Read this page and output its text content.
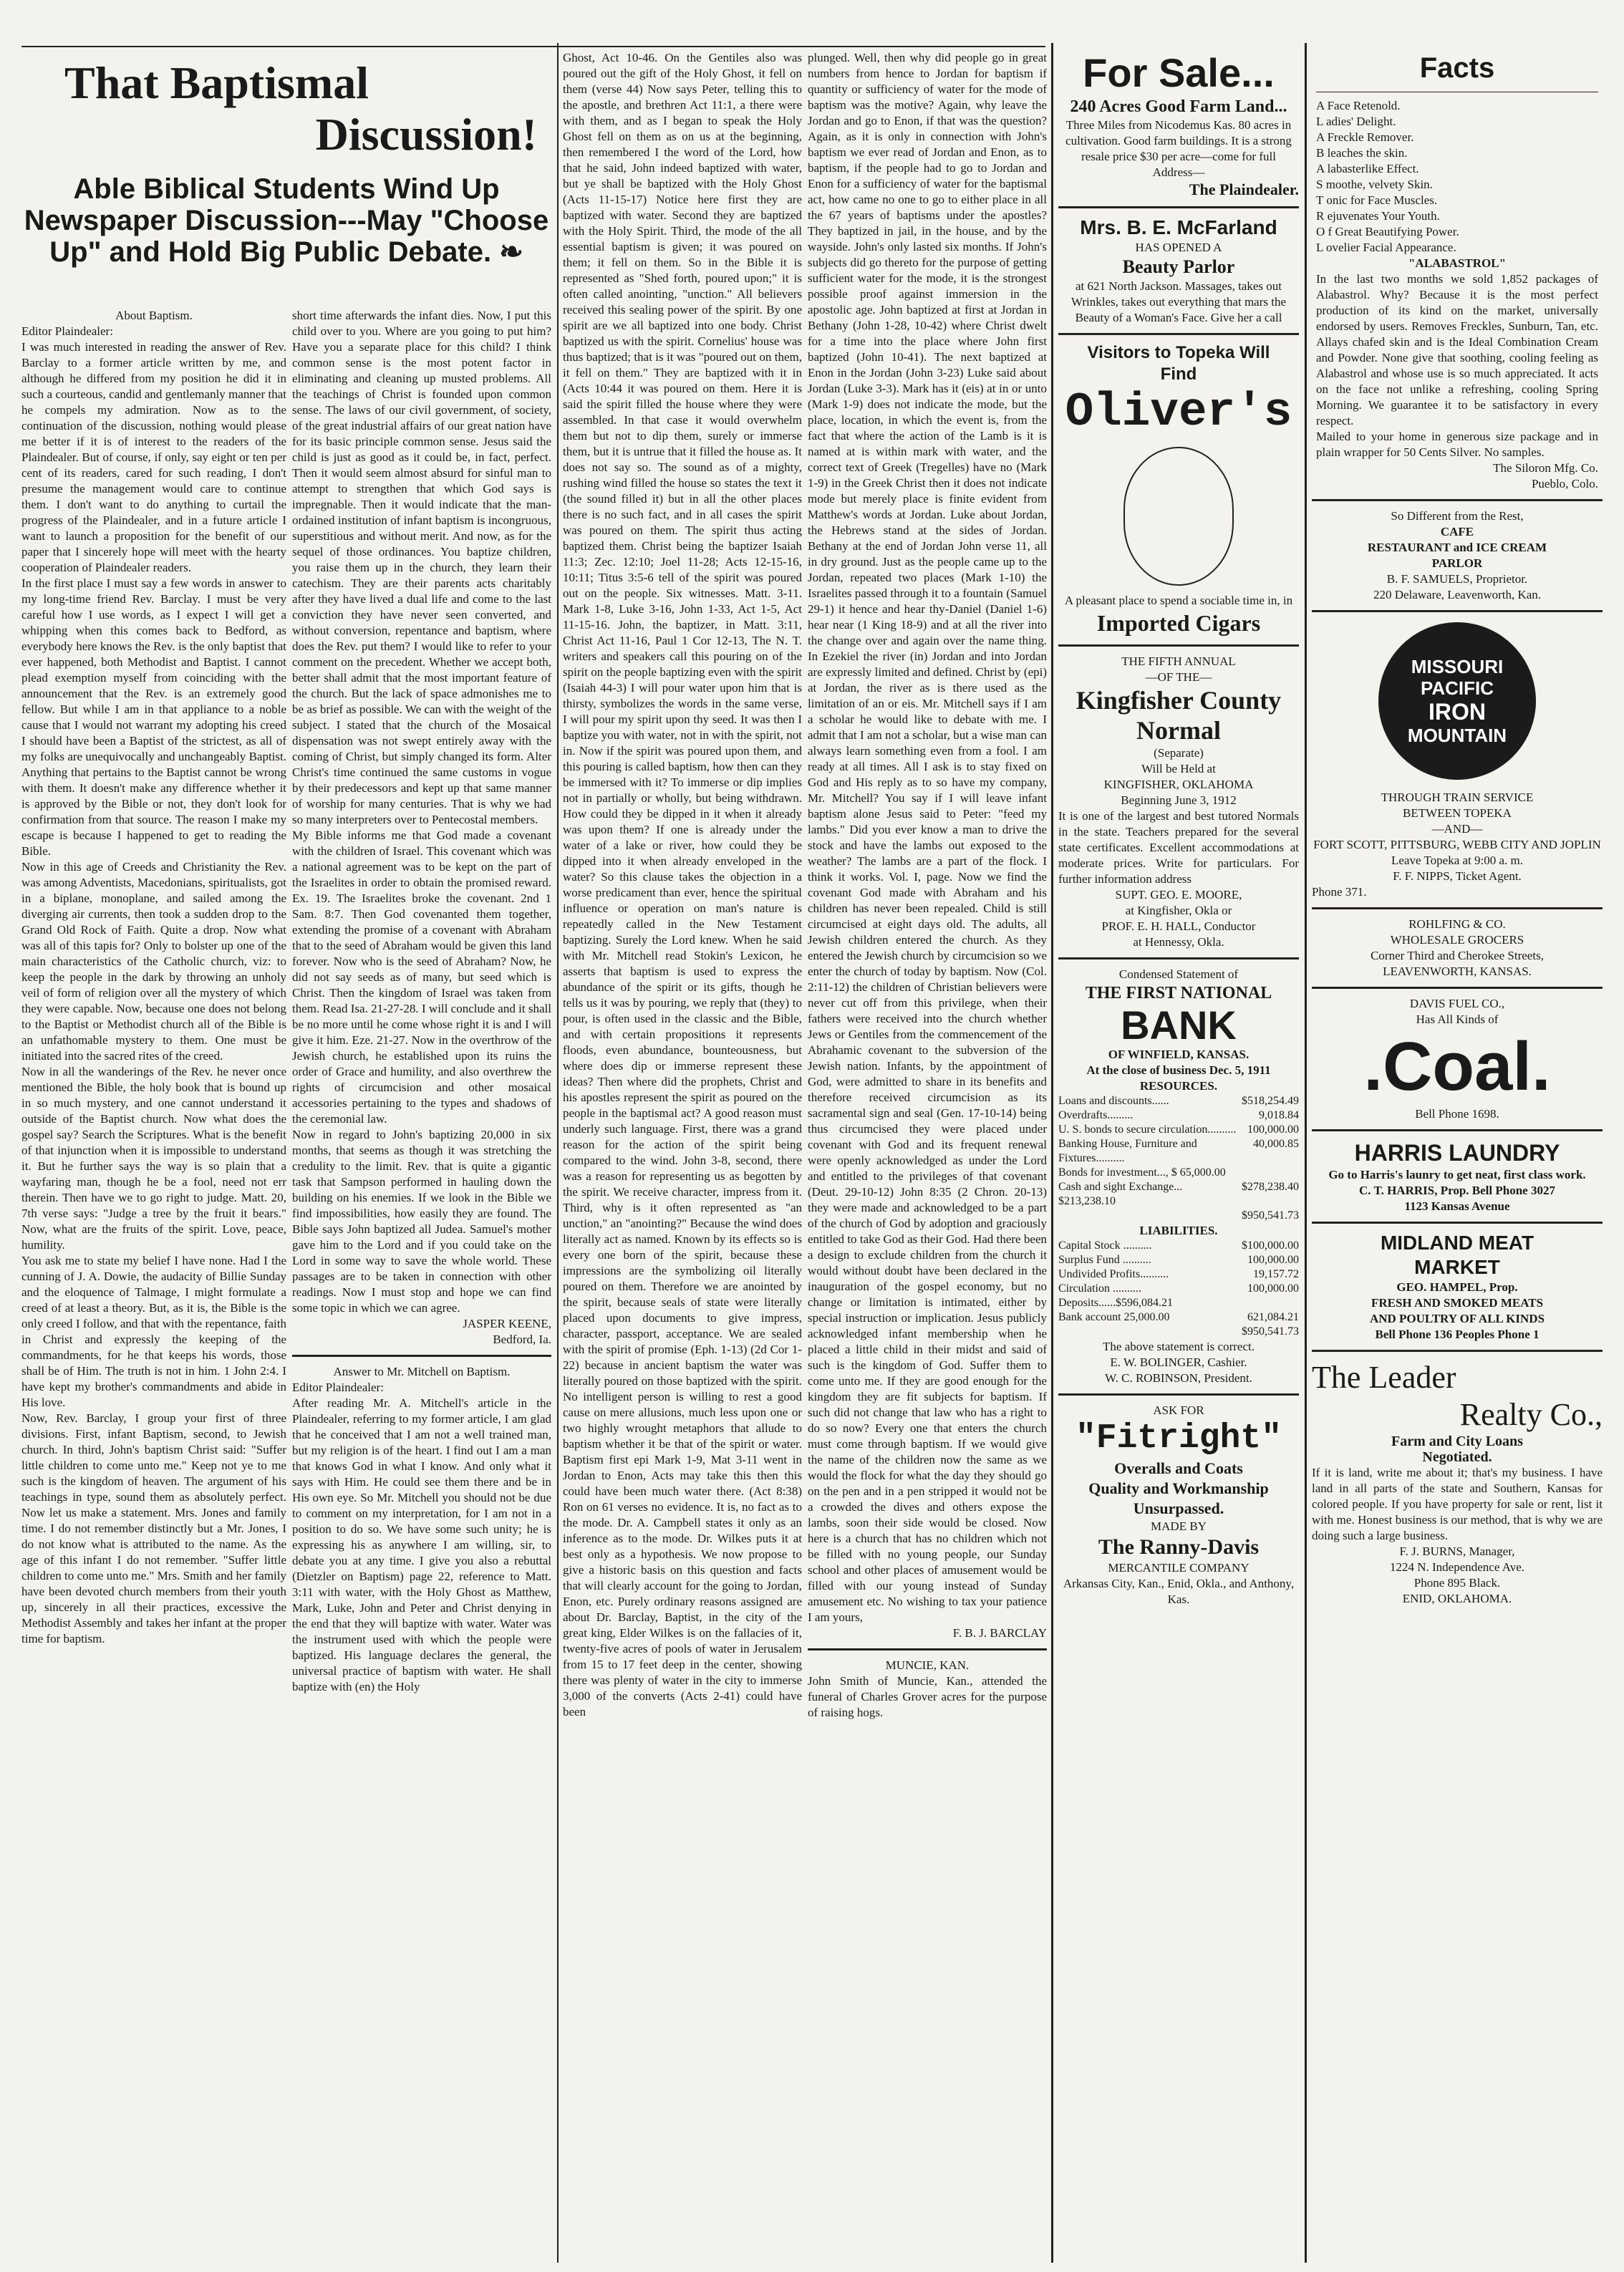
That Baptismal
Discussion!
Able Biblical Students Wind Up Newspaper Discussion---May "Choose Up" and Hold Big Public Debate. ❧

About Baptism.

Editor Plaindealer:

I was much interested in reading the answer of Rev. Barclay to a former article written by me, and although he differed from my position he did it in such a courteous, candid and gentlemanly manner that he compels my admiration. Now as to the continuation of the discussion, nothing would please me better if it is of interest to the readers of the Plaindealer. But of course, if only, say eight or ten per cent of its readers, cared for such reading, I don't presume the management would care to continue them. I don't want to do anything to curtail the progress of the Plaindealer, and in a future article I want to launch a proposition for the benefit of our paper that I sincerely hope will meet with the hearty cooperation of Plaindealer readers.
In the first place I must say a few words in answer to my long-time friend Rev. Barclay. I must be very careful how I use words, as I expect I will get a whipping when this comes back to Bedford, as everybody here knows the Rev. is the only baptist that ever happened, both Methodist and Baptist. I cannot plead exemption myself from coinciding with the announcement that the Rev. is an extremely good fellow. But while I am in that appliance to a noble cause that I would not warrant my adopting his creed I should have been a Baptist of the strictest, as all of my folks are unequivocally and unchangeably Baptist. Anything that pertains to the Baptist cannot be wrong with them. It doesn't make any difference whether it is approved by the Bible or not, they don't look for confirmation from that source. The reason I make my escape is because I happened to get to reading the Bible.

Now in this age of Creeds and Christianity the Rev. was among Adventists, Macedonians, spiritualists, got in a biplane, monoplane, and sailed among the diverging air currents, then took a sudden drop to the Grand Old Rock of Faith. Quite a drop. Now what was all of this tapis for? Only to bolster up one of the main characteristics of the Catholic church, viz: to keep the people in the dark by throwing an unholy veil of form of religion over all the mystery of which they were capable. Now, because one does not belong to the Baptist or Methodist church all of the Bible is an unfathomable mystery to them. One must be initiated into the sacred rites of the creed.
Now in all the wanderings of the Rev. he never once mentioned the Bible, the holy book that is bound up in so much mystery, and one cannot understand it outside of the Baptist church. Now what does the gospel say? Search the Scriptures. What is the benefit of that injunction when it is impossible to understand it. But he further says the way is so plain that a wayfaring man, though he be a fool, need not err therein. Then have we to go right to judge. Matt. 20, 7th verse says: "Judge a tree by the fruit it bears." Now, what are the fruits of the spirit. Love, peace, humility.

You ask me to state my belief I have none. Had I the cunning of J. A. Dowie, the audacity of Billie Sunday and the eloquence of Talmage, I might formulate a creed of at least a theory. But, as it is, the Bible is the only creed I follow, and that with the repentance, faith in Christ and expressly the keeping of the commandments, for he that keeps his words, those shall be of Him. The truth is not in him. 1 John 2:4. I have kept my brother's commandments and abide in His love.
Now, Rev. Barclay, I group your first of three divisions. First, infant Baptism, second, to Jewish church. In third, John's baptism Christ said: "Suffer little children to come unto me." Keep not ye to me such is the kingdom of heaven. The argument of his teachings in type, sound them as absolutely perfect. Now let us make a statement. Mrs. Jones and family time. I do not remember distinctly but a Mr. Jones, I do not know what is attributed to the name. As the age of this infant I do not remember. "Suffer little children to come unto me." Mrs. Smith and her family have been devoted church members from their youth up, sincerely in all their practices, excessive the Methodist Assembly and takes her infant at the proper time for baptism.

short time afterwards the infant dies. Now, I put this child over to you. Where are you going to put him? Have you a separate place for this child? I think common sense is the most potent factor in eliminating and cleaning up musted problems. All the teachings of Christ is founded upon common sense. The laws of our civil government, of society, of the great industrial affairs of our great nation have for its basic principle common sense. Jesus said the child is just as good as it could be, in fact, perfect. Then it would seem almost absurd for sinful man to attempt to strengthen that which God says is impregnable. Then it would indicate that the man-ordained institution of infant baptism is incongruous, superstitious and without merit. And now, as for the sequel of those ordinances. You baptize children, you raise them up in the church, they learn their catechism. They are their parents acts charitably after they have lived a dual life and come to the last conviction they have never seen converted, and without conversion, repentance and baptism, where does the Rev. put them? I would like to refer to your comment on the precedent. Whether we accept both, better shall admit that the most important feature of the church. But the lack of space admonishes me to be as brief as possible. We can with the weight of the subject. I stated that the church of the Mosaical dispensation was not swept entirely away with the coming of Christ, but simply changed its form. Alter Christ's time continued the same customs in vogue by their predecessors and kept up that same manner of worship for many centuries. That is why we had so many interpreters over to Pentecostal members.

My Bible informs me that God made a covenant with the children of Israel. This covenant which was a national agreement was to be kept on the part of the Israelites in order to obtain the promised reward. Ex. 19. The Israelites broke the covenant. 2nd 1 Sam. 8:7. Then God covenanted them together, extending the promise of a covenant with Abraham that to the seed of Abraham would be given this land forever. Now who is the seed of Abraham? Now, he did not say seeds as of many, but seed which is Christ. Then the kingdom of Israel was taken from them. Read Isa. 21-27-28. I will conclude and it shall be no more until he come whose right it is and I will give it him. Eze. 21-27. Now in the overthrow of the Jewish church, he established upon its ruins the order of Grace and humility, and also overthrew the rights of circumcision and other mosaical accessories pertaining to the types and shadows of the ceremonial law.
Now in regard to John's baptizing 20,000 in six months, that seems as though it was stretching the credulity to the limit. Rev. that is quite a gigantic task that Sampson performed in hauling down the building on his enemies. If we look in the Bible we find impossibilities, how easily they are found. The Bible says John baptized all Judea. Samuel's mother gave him to the Lord and if you could take on the Lord in some way to save the whole world. These passages are to be taken in connection with other readings. Now I must stop and hope we can find some topic in which we can agree.

JASPER KEENE,

Bedford, Ia.

Answer to Mr. Mitchell on Baptism.

Editor Plaindealer:

After reading Mr. A. Mitchell's article in the Plaindealer, referring to my former article, I am glad that he conceived that I am not a well trained man, but my religion is of the heart. I find out I am a man that knows God in what I know. And only what it says with Him. He could see them there and be in His own eye. So Mr. Mitchell you should not be due to comment on my interpretation, for I am not in a position to do so. We have some such unity; he is expressing his as anywhere I am willing, sir, to debate you at any time. I give you also a rebuttal (Dietzler on Baptism) page 22, reference to Matt. 3:11 with water, with the Holy Ghost as Matthew, Mark, Luke, John and Peter and Christ denying in the end that they will baptize with water. Water was the instrument used with which the people were baptized. His language declares the general, the universal practice of baptism with water. He shall baptize with (en) the Holy

Ghost, Act 10-46. On the Gentiles also was poured out the gift of the Holy Ghost, it fell on them (verse 44) Now says Peter, telling this to the apostle, and brethren Act 11:1, a there were with them, and as I began to speak the Holy Ghost fell on them as on us at the beginning, then remembered I the word of the Lord, how that he said, John indeed baptized with water, but ye shall be baptized with the Holy Ghost (Acts 11-15-17) Notice here first they are baptized with water. Second they are baptized with the Holy Spirit. Third, the mode of the all essential baptism is given; it was poured on them; it fell on them. So in the Bible it is represented as "Shed forth, poured upon;" it is often called anointing, "unction." All believers received this sealing power of the spirit. By one spirit are we all baptized into one body. Christ baptized us with the spirit. Cornelius' house was thus baptized; that is it was "poured out on them, it fell on them." They are baptized with it in (Acts 10:44 it was poured on them. Here it is said the spirit filled the house where they were assembled. In that case it would overwhelm them but not to dip them, surely or immerse them, but it is untrue that it filled the house as. It does not say so. The sound as of a mighty, rushing wind filled the house so states the text it (the sound filled it) but in all the other places there is no such fact, and in all cases the spirit was poured on them. The spirit thus acting baptized them. Christ being the baptizer Isaiah 11:3; Zec. 12:10; Joel 11-28; Acts 12-15-16, 10:11; Titus 3:5-6 tell of the spirit was poured out on the people. Six witnesses. Matt. 3-11. Mark 1-8, Luke 3-16, John 1-33, Act 1-5, Act 11-15-16. John, the baptizer, in Matt. 3:11, Christ Act 11-16, Paul 1 Cor 12-13, The N. T. writers and speakers call this pouring on of the spirit on the people baptizing even with the spirit (Isaiah 44-3) I will pour water upon him that is thirsty, symbolizes the words in the same verse, I will pour my spirit upon thy seed. It was then I baptize you with water, not in with the spirit, not in. Now if the spirit was poured upon them, and this pouring is called baptism, how then can they be immersed with it? To immerse or dip implies not in partially or wholly, but being withdrawn. How could they be dipped in it when it already was upon them? If one is already under the water of a lake or river, how could they be dipped into it when already enveloped in the water? So this clause takes the objection in a worse predicament than ever, hence the spiritual influence or operation on man's nature is repeatedly called in the New Testament baptizing. Surely the Lord knew. When he said with Mr. Mitchell read Stokin's Lexicon, he asserts that baptism is used to express the abundance of the spirit or its gifts, though he tells us it was by pouring, we reply that (they) to pour, is often used in the classic and the Bible, and with certain propositions it represents floods, even abundance, bounteousness, but where does dip or immerse represent these ideas? Then where did the prophets, Christ and his apostles represent the spirit as poured on the people in the baptismal act? A good reason must underly such language. First, there was a grand reason for the action of the spirit being compared to the wind. John 3-8, second, there was a reason for representing us as begotten by the spirit. We receive character, impress from it. Third, why is it often represented as "an unction," an "anointing?" Because the wind does literally act as named. Known by its effects so is every one born of the spirit, because these impressions are the symbolizing oil literally poured on them. Therefore we are anointed by the spirit, because seals of state were literally placed upon documents to give impress, character, passport, acceptance. We are sealed with the spirit of promise (Eph. 1-13) (2d Cor 1-22) because in ancient baptism the water was literally poured on those baptized with the spirit. No intelligent person is willing to rest a good cause on mere allusions, much less upon one or two highly wrought metaphors that allude to baptism whether it be that of the spirit or water. Baptism first epi Mark 1-9, Mat 3-11 went in Jordan to Enon, Acts may take this then this could have been much water there. (Act 8:38) Ron on 61 verses no evidence. It is, no fact as to the mode. Dr. A. Campbell states it only as an inference as to the mode. Dr. Wilkes puts it at best only as a hypothesis. We now propose to give a historic basis on this question and facts that will clearly account for the going to Jordan, Enon, etc. Purely ordinary reasons assigned are about Dr. Barclay, Baptist, in the city of the great king, Elder Wilkes is on the fallacies of it, twenty-five acres of pools of water in Jerusalem from 15 to 17 feet deep in the center, showing there was plenty of water in the city to immerse 3,000 of the converts (Acts 2-41) could have been

plunged. Well, then why did people go in great numbers from hence to Jordan for baptism if quantity or sufficiency of water for the mode of baptism was the motive? Again, why leave the Jordan and go to Enon, if that was the question? Again, as it is only in connection with John's baptism we ever read of Jordan and Enon, as to baptism, if the people had to go to Jordan and Enon for a sufficiency of water for the baptismal act, how came no one to go to either place in all the 67 years of baptisms under the apostles? They baptized in jail, in the house, and by the wayside. John's only lasted six months. If John's subjects did go thereto for the purpose of getting sufficient water for the mode, it is the strongest possible proof against immersion in the apostolic age. John baptized at first at Jordan in Bethany (John 1-28, 10-42) where Christ dwelt for a time into the place where John first baptized (John 10-41). The next baptized at Enon in the Jordan (John 3-23) Luke said about Jordan (Luke 3-3). Mark has it (eis) at in or unto (Mark 1-9) does not indicate the mode, but the place, location, in which the event is, from the fact that where the action of the Lamb is it is named at is within mark with water, and the correct text of Greek (Tregelles) have no (Mark 1-9) in the Greek Christ then it does not indicate mode but merely place is finite evident from Matthew's words at Jordan. Luke about Jordan, the Hebrews stand at the sides of Jordan. Bethany at the end of Jordan John verse 11, all in dry ground. Just as the people came up to the Jordan, repeated two places (Mark 1-10) the Israelites passed through it to a fountain (Samuel 29-1) it hence and hear thy-Daniel (Daniel 1-6) hear near (1 King 18-9) and at all the river into the change over and again over the name thing. In Ezekiel the river (in) Jordan and into Jordan are expressly limited and defined. Christ by (epi) at Jordan, the river as is there used as the limitation of an or eis. Mr. Mitchell says if I am a scholar he would like to debate with me. I admit that I am not a scholar, but a wise man can always learn something even from a fool. I am ready at all times. All I ask is to stay fixed on God and His reply as to so have my company, Mr. Mitchell? You say if I will leave infant baptism alone Jesus said to Peter: "feed my lambs." Did you ever know a man to drive the stock and have the lambs out exposed to the weather? The lambs are a part of the flock. I think it works. Vol. I, page. Now we find the covenant God made with Abraham and his children has never been repealed. Child is still circumcised at eight days old. The adults, all Jewish children entered the church. As they entered the Jewish church by circumcision so we enter the church of today by baptism. Now (Col. 2:11-12) the children of Christian believers were never cut off from this privilege, when their fathers were received into the church whether Jews or Gentiles from the commencement of the Abrahamic covenant to the subversion of the Jewish nation. Infants, by the appointment of God, were admitted to share in its benefits and therefore received circumcision as its sacramental sign and seal (Gen. 17-10-14) being thus circumcised they were placed under covenant with God and its frequent renewal were openly acknowledged as under the Lord and entitled to the privileges of that covenant (Deut. 29-10-12) John 8:35 (2 Chron. 20-13) they were made and acknowledged to be a part of the church of God by adoption and graciously entitled to take God as their God. Had there been a design to exclude children from the church it would without doubt have been declared in the inauguration of the gospel economy, but no change or limitation is intimated, either by special instruction or implication. Jesus publicly acknowledged infant membership when he placed a little child in their midst and said of such is the kingdom of God. Suffer them to come unto me. If they are good enough for the kingdom they are fit subjects for baptism. If such did not change that law who has a right to do so now? Every one that enters the church must come through baptism. If we would give the name of the children now the same as we would the flock for what the day they should go on the pen and in a pen stripped it would not be a crowded the dives and others expose the lambs, soon their side would be closed. Now here is a church that has no children which not be filled with no young people, our Sunday school and other places of amusement would be filled with our young instead of Sunday amusement etc. No wishing to tax your patience I am yours,

F. B. J. BARCLAY

MUNCIE, KAN.

John Smith of Muncie, Kan., attended the funeral of Charles Grover acres for the purpose of raising hogs.

For Sale...

240 Acres Good Farm Land...

Three Miles from Nicodemus Kas. 80 acres in cultivation. Good farm buildings. It is a strong resale price $30 per acre—come for full

Address—

The Plaindealer.

Mrs. B. E. McFarland

HAS OPENED A

Beauty Parlor

at 621 North Jackson. Massages, takes out Wrinkles, takes out everything that mars the Beauty of a Woman's Face. Give her a call

Visitors to Topeka Will

Find

Oliver's

A pleasant place to spend a sociable time in, in

Imported Cigars

THE FIFTH ANNUAL

—OF THE—

Kingfisher County

Normal

(Separate)

Will be Held at

KINGFISHER, OKLAHOMA

Beginning June 3, 1912

It is one of the largest and best tutored Normals in the state. Teachers prepared for the several state certificates. Excellent accommodations at moderate prices. Write for particulars. For further information address

SUPT. GEO. E. MOORE,

at Kingfisher, Okla or

PROF. E. H. HALL, Conductor

at Hennessy, Okla.

Condensed Statement of

THE FIRST NATIONAL

BANK

OF WINFIELD, KANSAS.

At the close of business Dec. 5, 1911

RESOURCES.

Loans and discounts......	$518,254.49
Overdrafts.........	9,018.84
U. S. bonds to secure circulation..........	100,000.00
Banking House, Furniture and Fixtures..........	40,000.85
Bonds for investment..., $ 65,000.00	
Cash and sight Exchange... $213,238.10	$278,238.40
	$950,541.73

LIABILITIES.

Capital Stock ..........	$100,000.00
Surplus Fund ..........	100,000.00
Undivided Profits..........	19,157.72
Circulation ..........	100,000.00
Deposits......$596,084.21	
Bank account 25,000.00	621,084.21
	$950,541.73

The above statement is correct.

E. W. BOLINGER, Cashier.

W. C. ROBINSON, President.

ASK FOR

"Fitright"

Overalls and Coats

Quality and Workmanship

Unsurpassed.

MADE BY

The Ranny-Davis

MERCANTILE COMPANY

Arkansas City, Kan., Enid, Okla., and Anthony, Kas.

Facts

A Face Retenold.

L adies' Delight.

A Freckle Remover.

B leaches the skin.

A labasterlike Effect.

S moothe, velvety Skin.

T onic for Face Muscles.

R ejuvenates Your Youth.

O f Great Beautifying Power.

L ovelier Facial Appearance.

"ALABASTROL"

In the last two months we sold 1,852 packages of Alabastrol. Why? Because it is the most perfect production of its kind on the market, universally endorsed by users. Removes Freckles, Sunburn, Tan, etc. Allays chafed skin and is the Ideal Combination Cream and Powder. None give that soothing, cooling feeling as Alabastrol and whose use is so much appreciated. It acts on the face not unlike a refreshing, cooling Spring Morning. We guarantee it to be satisfactory in every respect.
Mailed to your home in generous size package and in plain wrapper for 50 Cents Silver. No samples.

The Siloron Mfg. Co.

Pueblo, Colo.

So Different from the Rest,

CAFE

RESTAURANT and ICE CREAM

PARLOR

B. F. SAMUELS, Proprietor.

220 Delaware, Leavenworth, Kan.

MISSOURI
PACIFIC
IRON
MOUNTAIN

THROUGH TRAIN SERVICE

BETWEEN TOPEKA

—AND—

FORT SCOTT, PITTSBURG, WEBB CITY AND JOPLIN

Leave Topeka at 9:00 a. m.

F. F. NIPPS, Ticket Agent.

Phone 371.

ROHLFING & CO.

WHOLESALE GROCERS

Corner Third and Cherokee Streets,

LEAVENWORTH, KANSAS.

DAVIS FUEL CO.,

Has All Kinds of

.Coal.

Bell Phone 1698.

HARRIS LAUNDRY

Go to Harris's launry to get neat, first class work.

C. T. HARRIS, Prop. Bell Phone 3027

1123 Kansas Avenue

MIDLAND MEAT

MARKET

GEO. HAMPEL, Prop.

FRESH AND SMOKED MEATS

AND POULTRY OF ALL KINDS

Bell Phone 136 Peoples Phone 1

The Leader

Realty Co.,

Farm and City Loans

Negotiated.

If it is land, write me about it; that's my business. I have land in all parts of the state and Southern, Kansas for colored people. If you have property for sale or rent, list it with me. Honest business is our method, that is why we are doing such a large business.

F. J. BURNS, Manager,

1224 N. Independence Ave.

Phone 895 Black.

ENID, OKLAHOMA.
